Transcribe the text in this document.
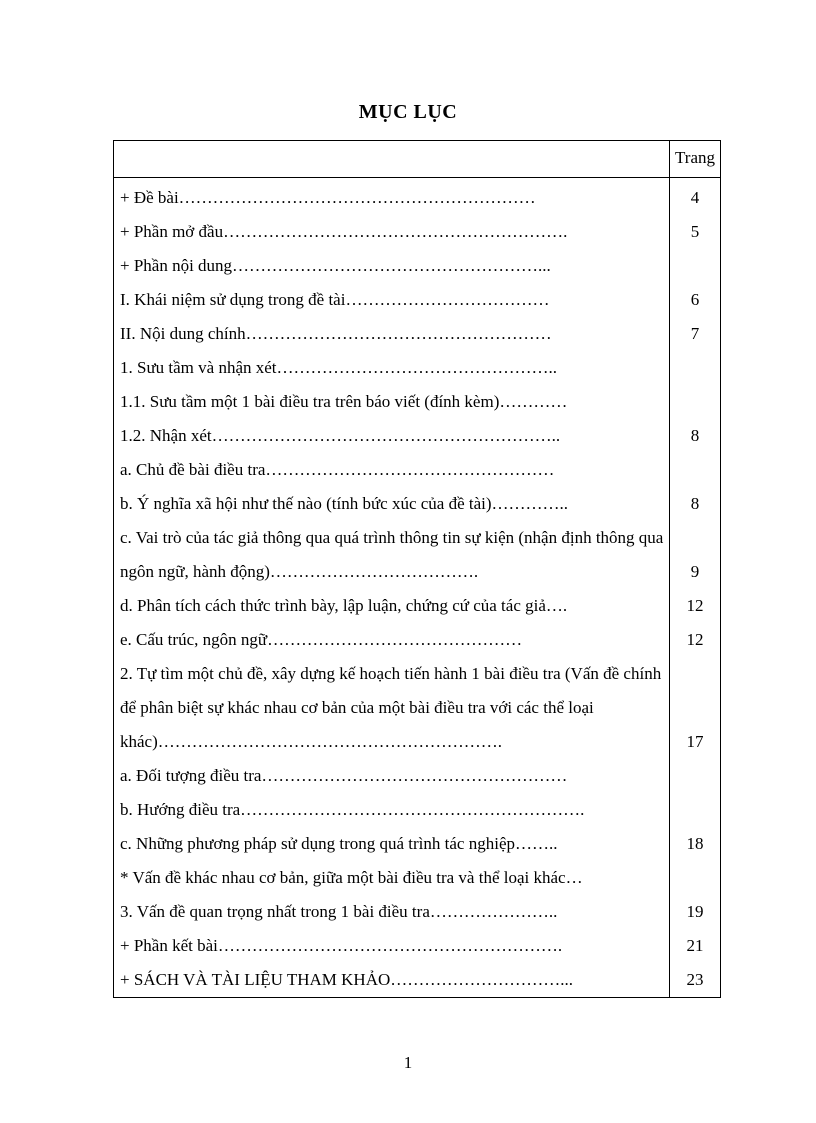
MỤC LỤC
	Trang
+ Đề bài………………………………………………………	4
+ Phần mở đầu…………………………………………………….	5
+ Phần nội dung………………………………………………...	
I. Khái niệm sử dụng trong đề tài………………………………	6
II. Nội dung chính………………………………………………	7
1. Sưu tầm và nhận xét…………………………………………..	
1.1. Sưu tầm một 1 bài điều tra trên báo viết (đính kèm)…………	
1.2. Nhận xét……………………………………………………..	8
a. Chủ đề bài điều tra……………………………………………	
b. Ý nghĩa xã hội như thế nào (tính bức xúc của đề tài)…………..	8
c. Vai trò của tác giả thông qua quá trình thông tin sự kiện (nhận định thông qua ngôn ngữ, hành động)……………………………….	9
d. Phân tích cách thức trình bày, lập luận, chứng cứ của tác giả….	12
e. Cấu trúc, ngôn ngữ………………………………………	12
2. Tự tìm một chủ đề, xây dựng kế hoạch tiến hành 1 bài điều tra (Vấn đề chính để phân biệt sự khác nhau cơ bản của một bài điều tra với các thể loại khác)…………………………………………………….	17
a. Đối tượng điều tra………………………………………………	
b. Hướng điều tra…………………………………………………….	
c. Những phương pháp sử dụng trong quá trình tác nghiệp……..	18
* Vấn đề khác nhau cơ bản, giữa một bài điều tra và thể loại khác…	
3. Vấn đề quan trọng nhất trong 1 bài điều tra…………………..	19
+ Phần kết bài…………………………………………………….	21
+ SÁCH VÀ TÀI LIỆU THAM KHẢO…………………………...	23
1
